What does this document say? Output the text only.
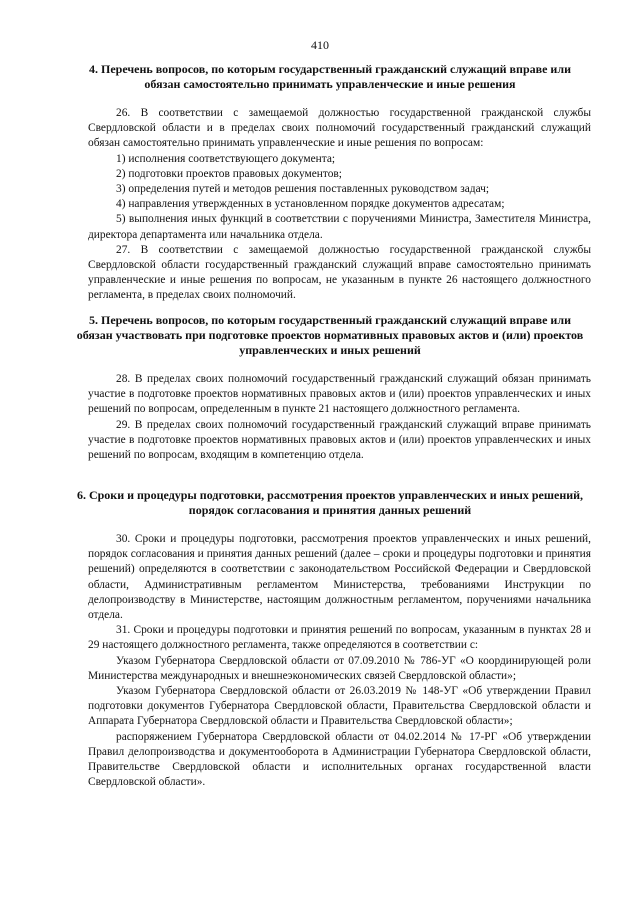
410
4. Перечень вопросов, по которым государственный гражданский служащий вправе или обязан самостоятельно принимать управленческие и иные решения

26. В соответствии с замещаемой должностью государственной гражданской службы Свердловской области и в пределах своих полномочий государственный гражданский служащий обязан самостоятельно принимать управленческие и иные решения по вопросам:

1) исполнения соответствующего документа;

2) подготовки проектов правовых документов;

3) определения путей и методов решения поставленных руководством задач;

4) направления утвержденных в установленном порядке документов адресатам;

5) выполнения иных функций в соответствии с поручениями Министра, Заместителя Министра, директора департамента или начальника отдела.

27. В соответствии с замещаемой должностью государственной гражданской службы Свердловской области государственный гражданский служащий вправе самостоятельно принимать управленческие и иные решения по вопросам, не указанным в пункте 26 настоящего должностного регламента, в пределах своих полномочий.

5. Перечень вопросов, по которым государственный гражданский служащий вправе или обязан участвовать при подготовке проектов нормативных правовых актов и (или) проектов управленческих и иных решений

28. В пределах своих полномочий государственный гражданский служащий обязан принимать участие в подготовке проектов нормативных правовых актов и (или) проектов управленческих и иных решений по вопросам, определенным в пункте 21 настоящего должностного регламента.

29. В пределах своих полномочий государственный гражданский служащий вправе принимать участие в подготовке проектов нормативных правовых актов и (или) проектов управленческих и иных решений по вопросам, входящим в компетенцию отдела.

6. Сроки и процедуры подготовки, рассмотрения проектов управленческих и иных решений, порядок согласования и принятия данных решений

30. Сроки и процедуры подготовки, рассмотрения проектов управленческих и иных решений, порядок согласования и принятия данных решений (далее – сроки и процедуры подготовки и принятия решений) определяются в соответствии с законодательством Российской Федерации и Свердловской области, Административным регламентом Министерства, требованиями Инструкции по делопроизводству в Министерстве, настоящим должностным регламентом, поручениями начальника отдела.

31. Сроки и процедуры подготовки и принятия решений по вопросам, указанным в пунктах 28 и 29 настоящего должностного регламента, также определяются в соответствии с:

Указом Губернатора Свердловской области от 07.09.2010 № 786-УГ «О координирующей роли Министерства международных и внешнеэкономических связей Свердловской области»;

Указом Губернатора Свердловской области от 26.03.2019 № 148-УГ «Об утверждении Правил подготовки документов Губернатора Свердловской области, Правительства Свердловской области и Аппарата Губернатора Свердловской области и Правительства Свердловской области»;

распоряжением Губернатора Свердловской области от 04.02.2014 № 17-РГ «Об утверждении Правил делопроизводства и документооборота в Администрации Губернатора Свердловской области, Правительстве Свердловской области и исполнительных органах государственной власти Свердловской области».
